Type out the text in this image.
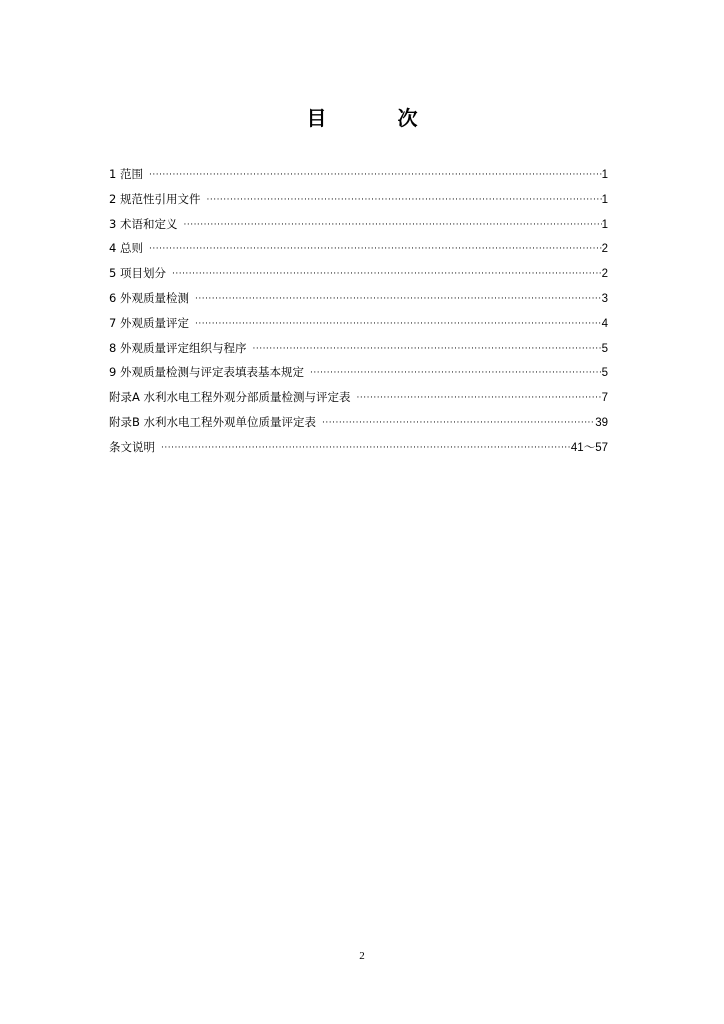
目 次
1 范围 ·····	1
2 规范性引用文件 ·····	1
3 术语和定义 ·····	1
4 总则 ·····	2
5 项目划分 ·····	2
6 外观质量检测 ·····	3
7 外观质量评定 ·····	4
8 外观质量评定组织与程序 ·····	5
9 外观质量检测与评定表填表基本规定 ·····	5
附录A 水利水电工程外观分部质量检测与评定表 ·····	7
附录B 水利水电工程外观单位质量评定表 ·····	39
条文说明 ·····	41～57
2
